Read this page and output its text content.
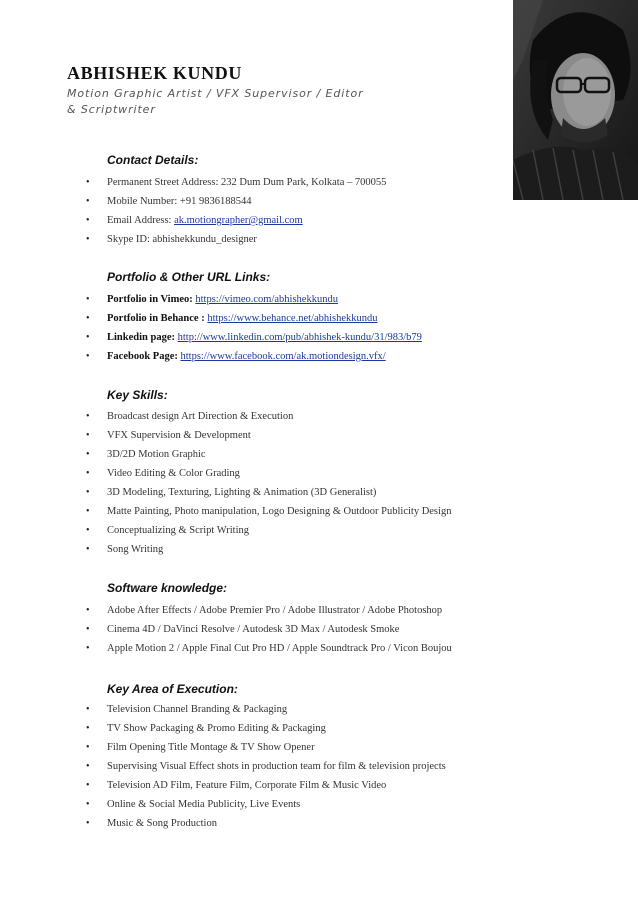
ABHISHEK KUNDU
Motion Graphic Artist / VFX Supervisor / Editor
& Scriptwriter
Contact Details:
• Permanent Street Address: 232 Dum Dum Park, Kolkata – 700055
• Mobile Number: +91 9836188544
• Email Address: ak.motiongrapher@gmail.com
• Skype ID: abhishekkundu_designer
Portfolio & Other URL Links:
• Portfolio in Vimeo: https://vimeo.com/abhishekkundu
• Portfolio in Behance : https://www.behance.net/abhishekkundu
• Linkedin page: http://www.linkedin.com/pub/abhishek-kundu/31/983/b79
• Facebook Page: https://www.facebook.com/ak.motiondesign.vfx/
Key Skills:
• Broadcast design Art Direction & Execution
• VFX Supervision & Development
• 3D/2D Motion Graphic
• Video Editing & Color Grading
• 3D Modeling, Texturing, Lighting & Animation (3D Generalist)
• Matte Painting, Photo manipulation, Logo Designing & Outdoor Publicity Design
• Conceptualizing & Script Writing
• Song Writing
Software knowledge:
• Adobe After Effects / Adobe Premier Pro / Adobe Illustrator / Adobe Photoshop
• Cinema 4D / DaVinci Resolve / Autodesk 3D Max / Autodesk Smoke
• Apple Motion 2 / Apple Final Cut Pro HD / Apple Soundtrack Pro / Vicon Boujou
Key Area of Execution:
• Television Channel Branding & Packaging
• TV Show Packaging & Promo Editing & Packaging
• Film Opening Title Montage & TV Show Opener
• Supervising Visual Effect shots in production team for film & television projects
• Television AD Film, Feature Film, Corporate Film & Music Video
• Online & Social Media Publicity, Live Events
• Music & Song Production
